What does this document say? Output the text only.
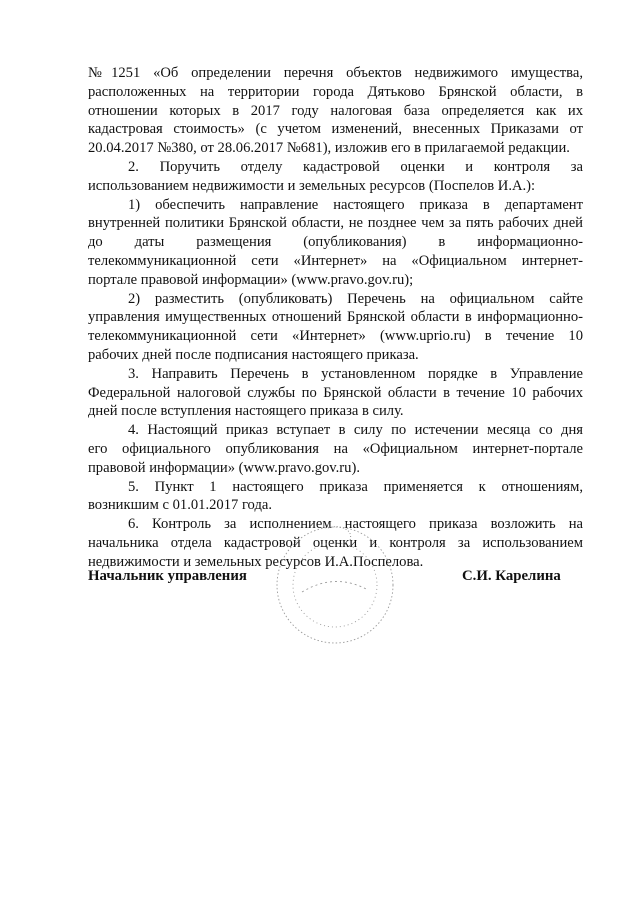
№1251 «Об определении перечня объектов недвижимого имущества,
расположенных на территории города Дятьково Брянской области, в
отношении которых в 2017 году налоговая база определяется как их
кадастровая стоимость» (с учетом изменений, внесенных Приказами от
20.04.2017 №380, от 28.06.2017 №681), изложив его в прилагаемой редакции.
2. Поручить отделу кадастровой оценки и контроля за
использованием недвижимости и земельных ресурсов (Поспелов И.А.):
1) обеспечить направление настоящего приказа в департамент
внутренней политики Брянской области, не позднее чем за пять рабочих дней
до даты размещения (опубликования) в информационно-
телекоммуникационной сети «Интернет» на «Официальном интернет-
портале правовой информации» (www.pravo.gov.ru);
2) разместить (опубликовать) Перечень на официальном сайте
управления имущественных отношений Брянской области в информационно-
телекоммуникационной сети «Интернет» (www.uprio.ru) в течение 10
рабочих дней после подписания настоящего приказа.
3. Направить Перечень в установленном порядке в Управление
Федеральной налоговой службы по Брянской области в течение 10 рабочих
дней после вступления настоящего приказа в силу.
4. Настоящий приказ вступает в силу по истечении месяца со дня
его официального опубликования на «Официальном интернет-портале
правовой информации» (www.pravo.gov.ru).
5. Пункт 1 настоящего приказа применяется к отношениям,
возникшим с 01.01.2017 года.
6. Контроль за исполнением настоящего приказа возложить на
начальника отдела кадастровой оценки и контроля за использованием
недвижимости и земельных ресурсов И.А.Поспелова.
Начальник управления	С.И. Карелина
